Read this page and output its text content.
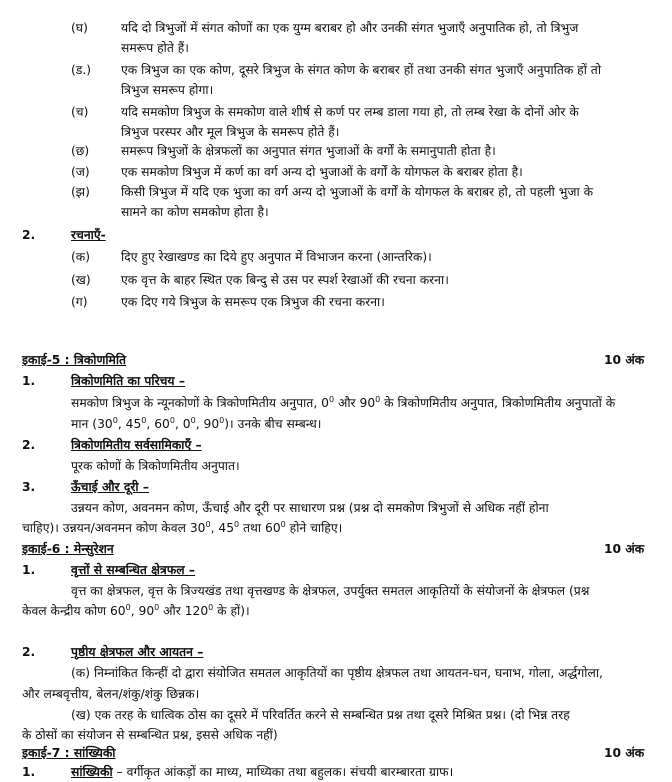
(घ)	यदि दो त्रिभुजों में संगत कोणों का एक युग्म बराबर हो और उनकी संगत भुजाएँ अनुपातिक हो, तो त्रिभुज
समरूप होते हैं।
(ड.) एक त्रिभुज का एक कोण, दूसरे त्रिभुज के संगत कोण के बराबर हों तथा उनकी संगत भुजाएँ अनुपातिक हों तो
त्रिभुज समरूप होगा।
(च)	यदि समकोण त्रिभुज के समकोण वाले शीर्ष से कर्ण पर लम्ब डाला गया हो, तो लम्ब रेखा के दोनों ओर के
त्रिभुज परस्पर और मूल त्रिभुज के समरूप होते हैं।
(छ)	समरूप त्रिभुजों के क्षेत्रफलों का अनुपात संगत भुजाओं के वर्गों के समानुपाती होता है।
(ज)	एक समकोण त्रिभुज में कर्ण का वर्ग अन्य दो भुजाओं के वर्गों के योगफल के बराबर होता है।
(झ)	किसी त्रिभुज में यदि एक भुजा का वर्ग अन्य दो भुजाओं के वर्गों के योगफल के बराबर हो, तो पहली भुजा के
सामने का कोण समकोण होता है।
2.	रचनाएँ-
(क)	दिए हुए रेखाखण्ड का दिये हुए अनुपात में विभाजन करना (आन्तरिक)।
(ख) एक वृत्त के बाहर स्थित एक बिन्दु से उस पर स्पर्श रेखाओं की रचना करना।
(ग)	एक दिए गये त्रिभुज के समरूप एक त्रिभुज की रचना करना।
इकाई-5 : त्रिकोणमिति	10 अंक
1.	त्रिकोणमिति का परिचय –
समकोण त्रिभुज के न्यूनकोणों के त्रिकोणमितीय अनुपात, $0^0$ और $90^0$ के त्रिकोणमितीय अनुपात, त्रिकोणमितीय अनुपातों के
मान ($30^0$, $45^0$, $60^0$, $0^0$, $90^0)।$ उनके बीच सम्बन्ध।
2.	त्रिकोणमितीय सर्वसामिकाएँ –
पूरक कोणों के त्रिकोणमितीय अनुपात।
3.	ऊँचाई और दूरी –
उन्नयन कोण, अवनमन कोण, ऊँचाई और दूरी पर साधारण प्रश्न (प्रश्न दो समकोण त्रिभुजों से अधिक नहीं होना
चाहिए)। उन्नयन/अवनमन कोण केवल $30^0$, $45^0$ तथा $60^0$ होने चाहिए।
इकाई-6 : मेन्सुरेशन	10 अंक
1.	वृत्तों से सम्बन्धित क्षेत्रफल –
वृत्त का क्षेत्रफल, वृत्त के त्रिज्यखंड तथा वृत्तखण्ड के क्षेत्रफल, उपर्युक्त समतल आकृतियों के संयोजनों के क्षेत्रफल (प्रश्न
केवल केन्द्रीय कोण $60^0$, $90^0$ और $120^0$ के हों)।
2.	पृष्ठीय क्षेत्रफल और आयतन –
(क) निम्नांकित किन्हीं दो द्वारा संयोजित समतल आकृतियों का पृष्ठीय क्षेत्रफल तथा आयतन-घन, घनाभ, गोला, अर्द्धगोला,
और लम्बवृत्तीय, बेलन/शंकु/शंकु छिन्नक।
(ख) एक तरह के धात्विक ठोस का दूसरे में परिवर्तित करने से सम्बन्धित प्रश्न तथा दूसरे मिश्रित प्रश्न। (दो भिन्न तरह
के ठोसों का संयोजन से सम्बन्धित प्रश्न, इससे अधिक नहीं)
इकाई-7 : सांख्यिकी	10 अंक
1.	सांख्यिकी – वर्गीकृत आंकड़ों का माध्य, माध्यिका तथा बहुलक। संचयी बारम्बारता ग्राफ।
